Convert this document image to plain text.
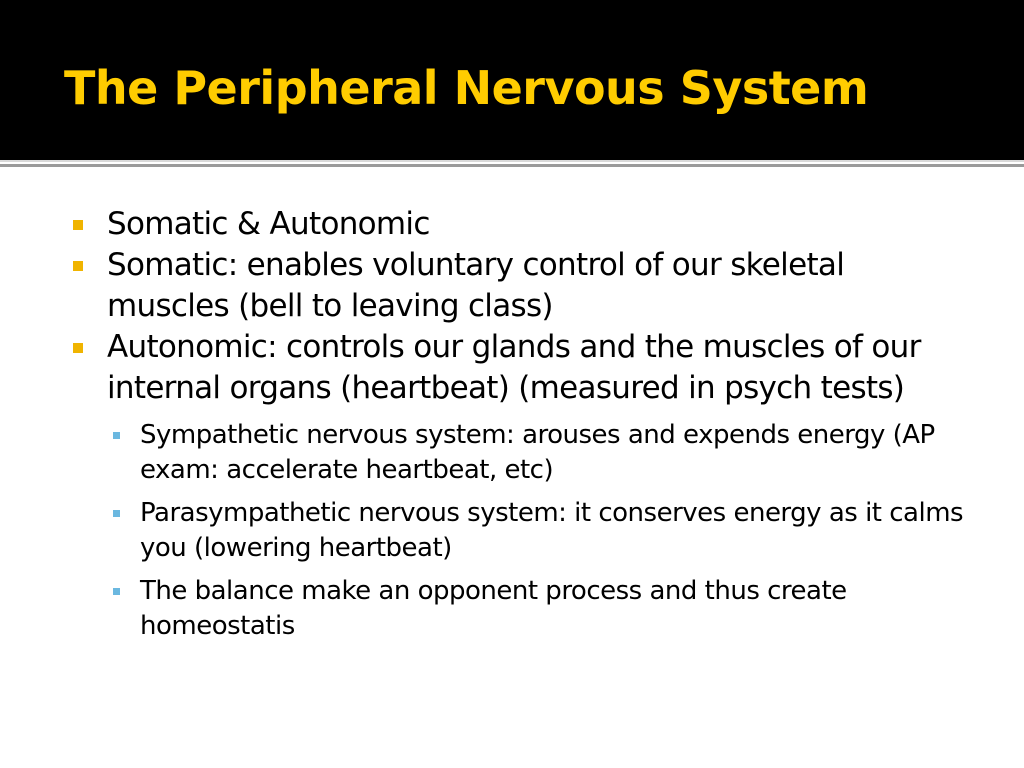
The Peripheral Nervous System

Somatic & Autonomic

Somatic: enables voluntary control of our skeletal muscles (bell to leaving class)

Autonomic: controls our glands and the muscles of our internal organs (heartbeat) (measured in psych tests)

Sympathetic nervous system: arouses and expends energy (AP exam: accelerate heartbeat, etc)

Parasympathetic nervous system: it conserves energy as it calms you (lowering heartbeat)

The balance make an opponent process and thus create homeostatis
